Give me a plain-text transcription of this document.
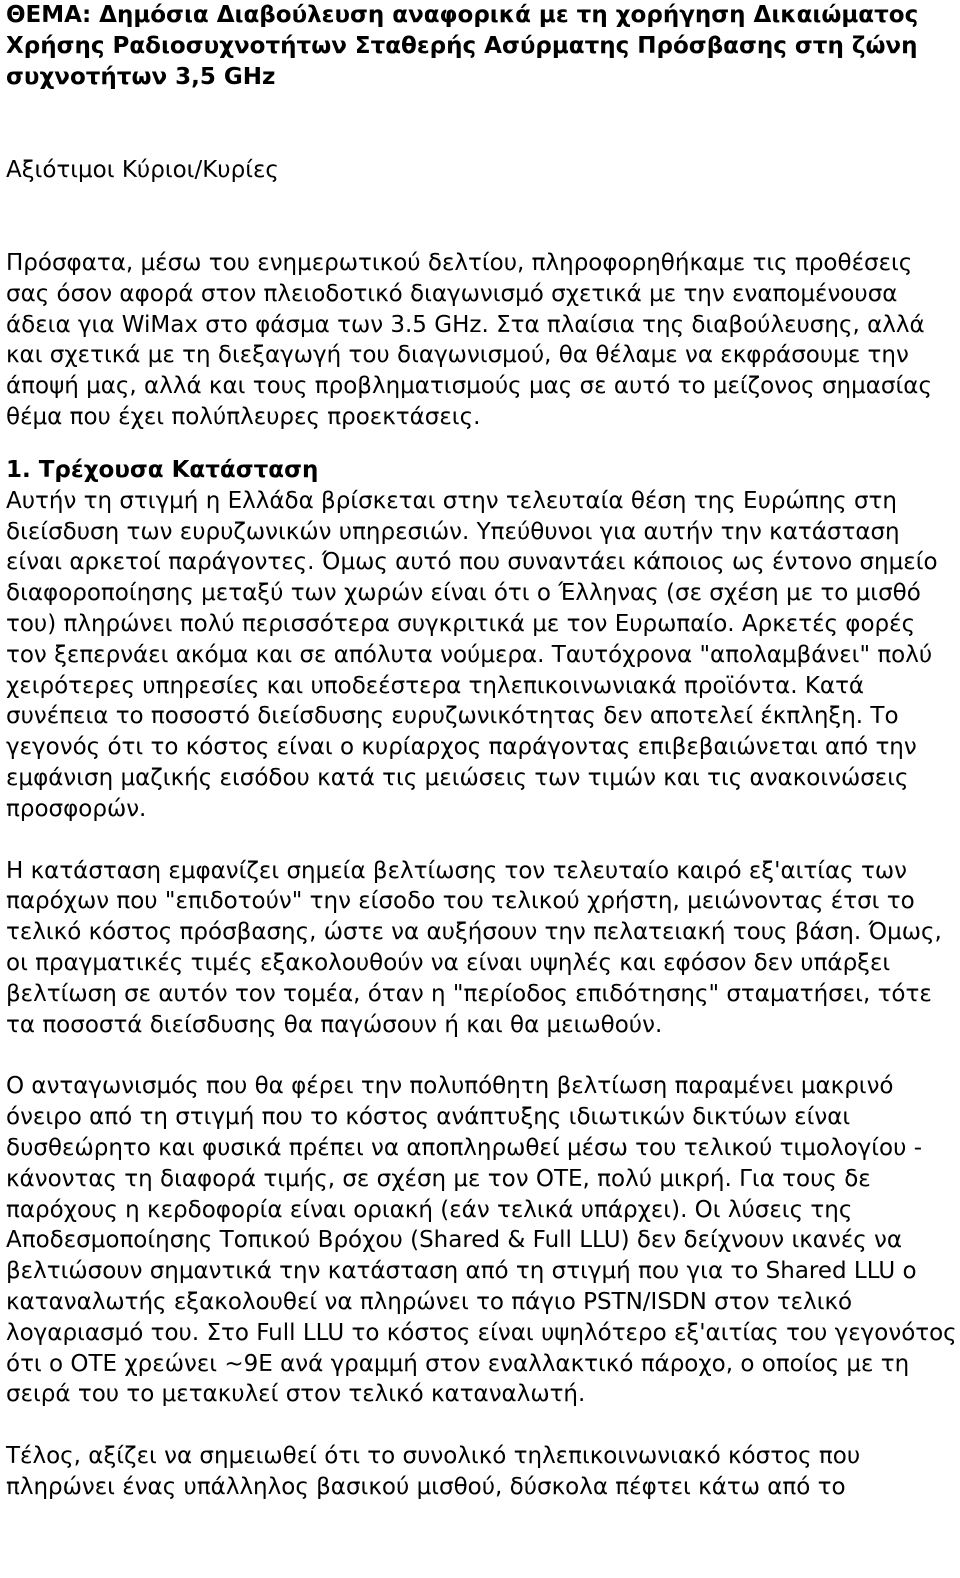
ΘΕΜΑ: Δημόσια Διαβούλευση αναφορικά με τη χορήγηση Δικαιώματος Χρήσης Ραδιοσυχνοτήτων Σταθερής Ασύρματης Πρόσβασης στη ζώνη συχνοτήτων 3,5 GHz
Αξιότιμοι Κύριοι/Κυρίες

Πρόσφατα, μέσω του ενημερωτικού δελτίου, πληροφορηθήκαμε τις προθέσεις σας όσον αφορά στον πλειοδοτικό διαγωνισμό σχετικά με την εναπομένουσα άδεια για WiMax στο φάσμα των 3.5 GHz. Στα πλαίσια της διαβούλευσης, αλλά και σχετικά με τη διεξαγωγή του διαγωνισμού, θα θέλαμε να εκφράσουμε την άποψή μας, αλλά και τους προβληματισμούς μας σε αυτό το μείζονος σημασίας θέμα που έχει πολύπλευρες προεκτάσεις.

1. Τρέχουσα Κατάσταση

Αυτήν τη στιγμή η Ελλάδα βρίσκεται στην τελευταία θέση της Ευρώπης στη διείσδυση των ευρυζωνικών υπηρεσιών. Υπεύθυνοι για αυτήν την κατάσταση είναι αρκετοί παράγοντες. Όμως αυτό που συναντάει κάποιος ως έντονο σημείο διαφοροποίησης μεταξύ των χωρών είναι ότι ο Έλληνας (σε σχέση με το μισθό του) πληρώνει πολύ περισσότερα συγκριτικά με τον Ευρωπαίο. Αρκετές φορές τον ξεπερνάει ακόμα και σε απόλυτα νούμερα. Ταυτόχρονα "απολαμβάνει" πολύ χειρότερες υπηρεσίες και υποδεέστερα τηλεπικοινωνιακά προϊόντα. Κατά συνέπεια το ποσοστό διείσδυσης ευρυζωνικότητας δεν αποτελεί έκπληξη. Το γεγονός ότι το κόστος είναι ο κυρίαρχος παράγοντας επιβεβαιώνεται από την εμφάνιση μαζικής εισόδου κατά τις μειώσεις των τιμών και τις ανακοινώσεις προσφορών.

Η κατάσταση εμφανίζει σημεία βελτίωσης τον τελευταίο καιρό εξ'αιτίας των παρόχων που "επιδοτούν" την είσοδο του τελικού χρήστη, μειώνοντας έτσι το τελικό κόστος πρόσβασης, ώστε να αυξήσουν την πελατειακή τους βάση. Όμως, οι πραγματικές τιμές εξακολουθούν να είναι υψηλές και εφόσον δεν υπάρξει βελτίωση σε αυτόν τον τομέα, όταν η "περίοδος επιδότησης" σταματήσει, τότε τα ποσοστά διείσδυσης θα παγώσουν ή και θα μειωθούν.

Ο ανταγωνισμός που θα φέρει την πολυπόθητη βελτίωση παραμένει μακρινό όνειρο από τη στιγμή που το κόστος ανάπτυξης ιδιωτικών δικτύων είναι δυσθεώρητο και φυσικά πρέπει να αποπληρωθεί μέσω του τελικού τιμολογίου - κάνοντας τη διαφορά τιμής, σε σχέση με τον ΟΤΕ, πολύ μικρή. Για τους δε παρόχους η κερδοφορία είναι οριακή (εάν τελικά υπάρχει). Οι λύσεις της Αποδεσμοποίησης Τοπικού Βρόχου (Shared & Full LLU) δεν δείχνουν ικανές να βελτιώσουν σημαντικά την κατάσταση από τη στιγμή που για το Shared LLU ο καταναλωτής εξακολουθεί να πληρώνει το πάγιο PSTN/ISDN στον τελικό λογαριασμό του. Στο Full LLU το κόστος είναι υψηλότερο εξ'αιτίας του γεγονότος ότι ο ΟΤΕ χρεώνει ~9Ε ανά γραμμή στον εναλλακτικό πάροχο, ο οποίος με τη σειρά του το μετακυλεί στον τελικό καταναλωτή.

Τέλος, αξίζει να σημειωθεί ότι το συνολικό τηλεπικοινωνιακό κόστος που πληρώνει ένας υπάλληλος βασικού μισθού, δύσκολα πέφτει κάτω από το
